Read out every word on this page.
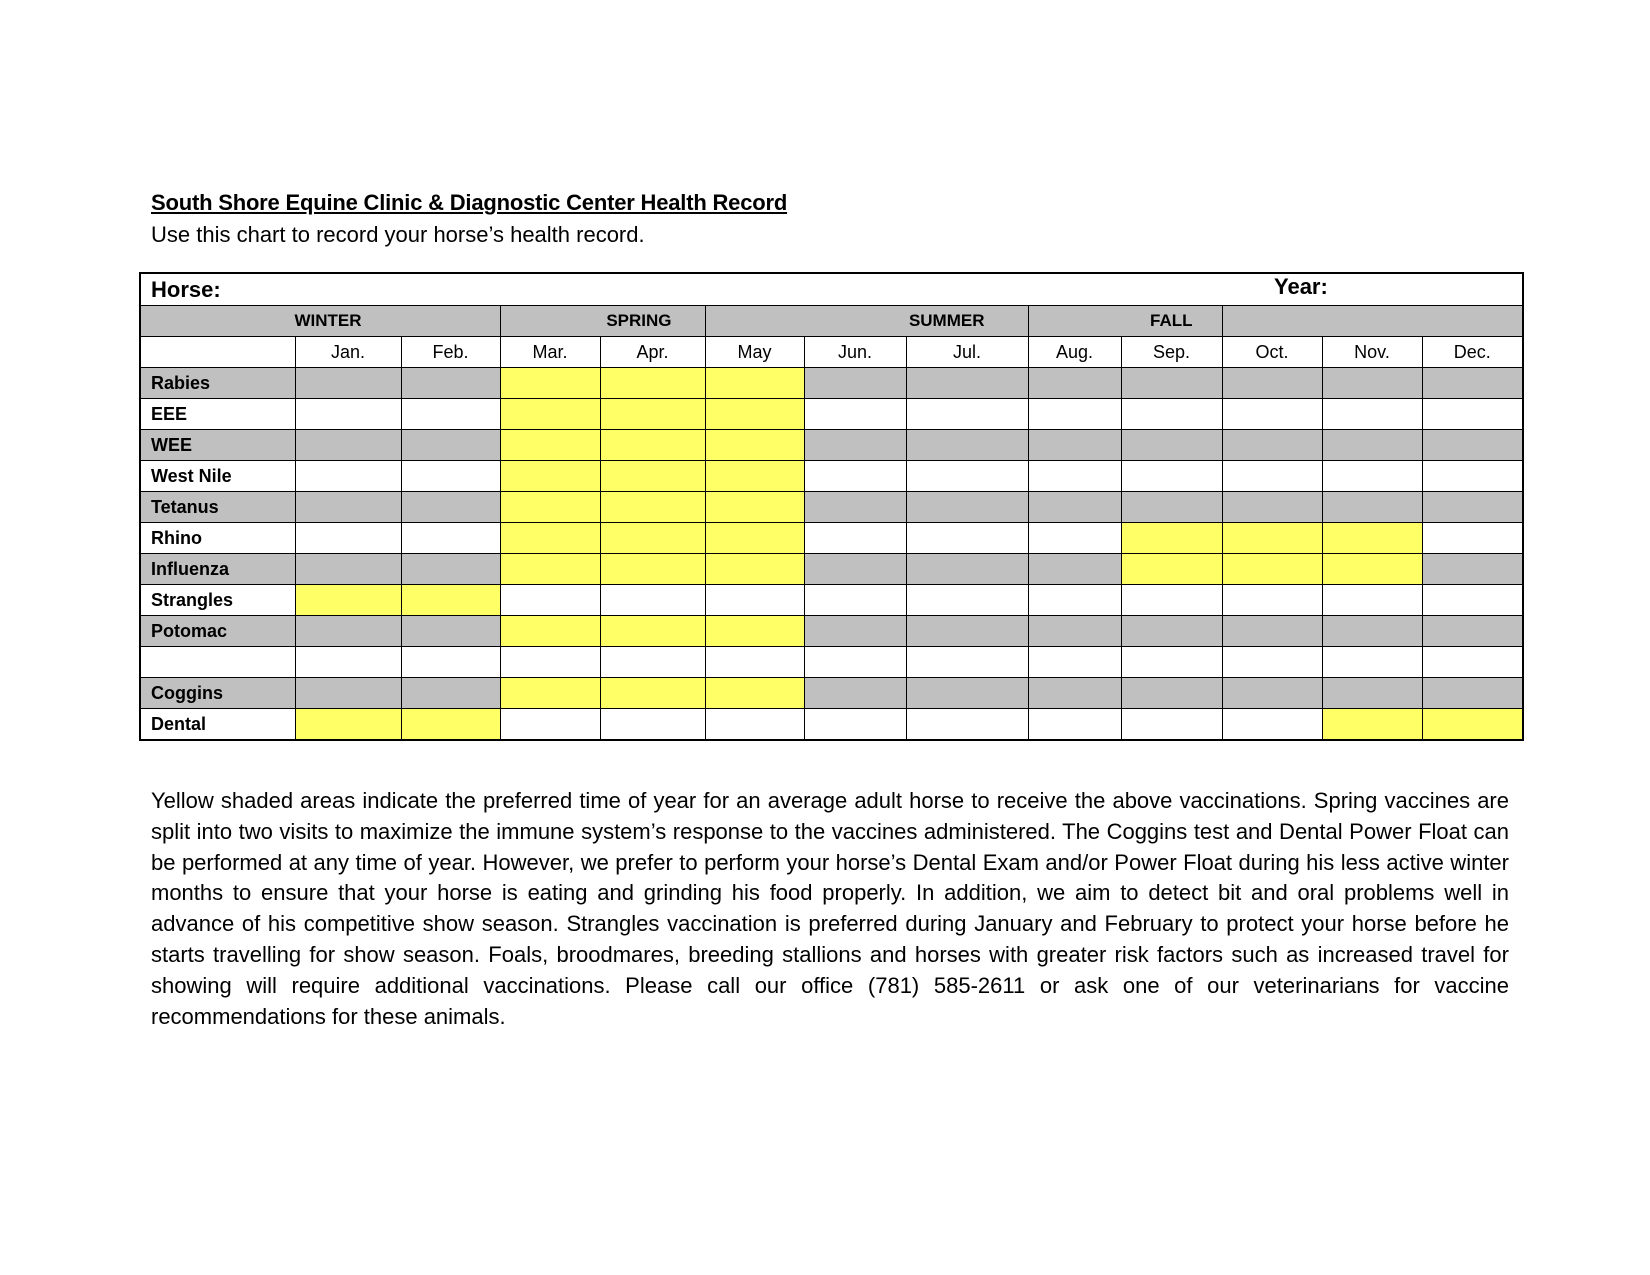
South Shore Equine Clinic & Diagnostic Center Health Record
Use this chart to record your horse’s health record.
Horse: Year:												

WINTER			SPRING		SUMMER			FALL				
	Jan.	Feb.	Mar.	Apr.	May	Jun.	Jul.	Aug.	Sep.	Oct.	Nov.	Dec.
Rabies												
EEE												
WEE												
West Nile												
Tetanus												
Rhino												
Influenza												
Strangles												
Potomac												

Coggins												
Dental												
Yellow shaded areas indicate the preferred time of year for an average adult horse to receive the above vaccinations. Spring vaccines are split into two visits to maximize the immune system’s response to the vaccines administered. The Coggins test and Dental Power Float can be performed at any time of year. However, we prefer to perform your horse’s Dental Exam and/or Power Float during his less active winter months to ensure that your horse is eating and grinding his food properly. In addition, we aim to detect bit and oral problems well in advance of his competitive show season. Strangles vaccination is preferred during January and February to protect your horse before he starts travelling for show season. Foals, broodmares, breeding stallions and horses with greater risk factors such as increased travel for showing will require additional vaccinations. Please call our office (781) 585-2611 or ask one of our veterinarians for vaccine recommendations for these animals.
